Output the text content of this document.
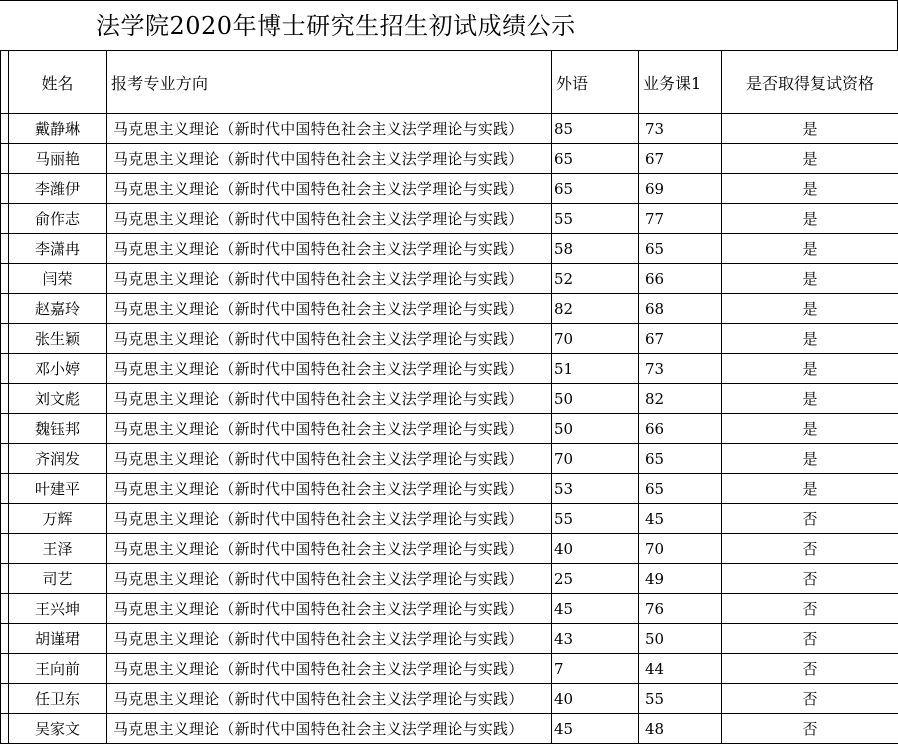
法学院2020年博士研究生招生初试成绩公示
	姓名	报考专业方向	外语	业务课1	是否取得复试资格
	戴静琳	马克思主义理论（新时代中国特色社会主义法学理论与实践）	85	73	是
	马丽艳	马克思主义理论（新时代中国特色社会主义法学理论与实践）	65	67	是
	李潍伊	马克思主义理论（新时代中国特色社会主义法学理论与实践）	65	69	是
	俞作志	马克思主义理论（新时代中国特色社会主义法学理论与实践）	55	77	是
	李潇冉	马克思主义理论（新时代中国特色社会主义法学理论与实践）	58	65	是
	闫荣	马克思主义理论（新时代中国特色社会主义法学理论与实践）	52	66	是
	赵嘉玲	马克思主义理论（新时代中国特色社会主义法学理论与实践）	82	68	是
	张生颖	马克思主义理论（新时代中国特色社会主义法学理论与实践）	70	67	是
	邓小婷	马克思主义理论（新时代中国特色社会主义法学理论与实践）	51	73	是
	刘文彪	马克思主义理论（新时代中国特色社会主义法学理论与实践）	50	82	是
	魏钰邦	马克思主义理论（新时代中国特色社会主义法学理论与实践）	50	66	是
	齐润发	马克思主义理论（新时代中国特色社会主义法学理论与实践）	70	65	是
	叶建平	马克思主义理论（新时代中国特色社会主义法学理论与实践）	53	65	是
	万辉	马克思主义理论（新时代中国特色社会主义法学理论与实践）	55	45	否
	王泽	马克思主义理论（新时代中国特色社会主义法学理论与实践）	40	70	否
	司艺	马克思主义理论（新时代中国特色社会主义法学理论与实践）	25	49	否
	王兴坤	马克思主义理论（新时代中国特色社会主义法学理论与实践）	45	76	否
	胡谨珺	马克思主义理论（新时代中国特色社会主义法学理论与实践）	43	50	否
	王向前	马克思主义理论（新时代中国特色社会主义法学理论与实践）	7	44	否
	任卫东	马克思主义理论（新时代中国特色社会主义法学理论与实践）	40	55	否
	吴家文	马克思主义理论（新时代中国特色社会主义法学理论与实践）	45	48	否
